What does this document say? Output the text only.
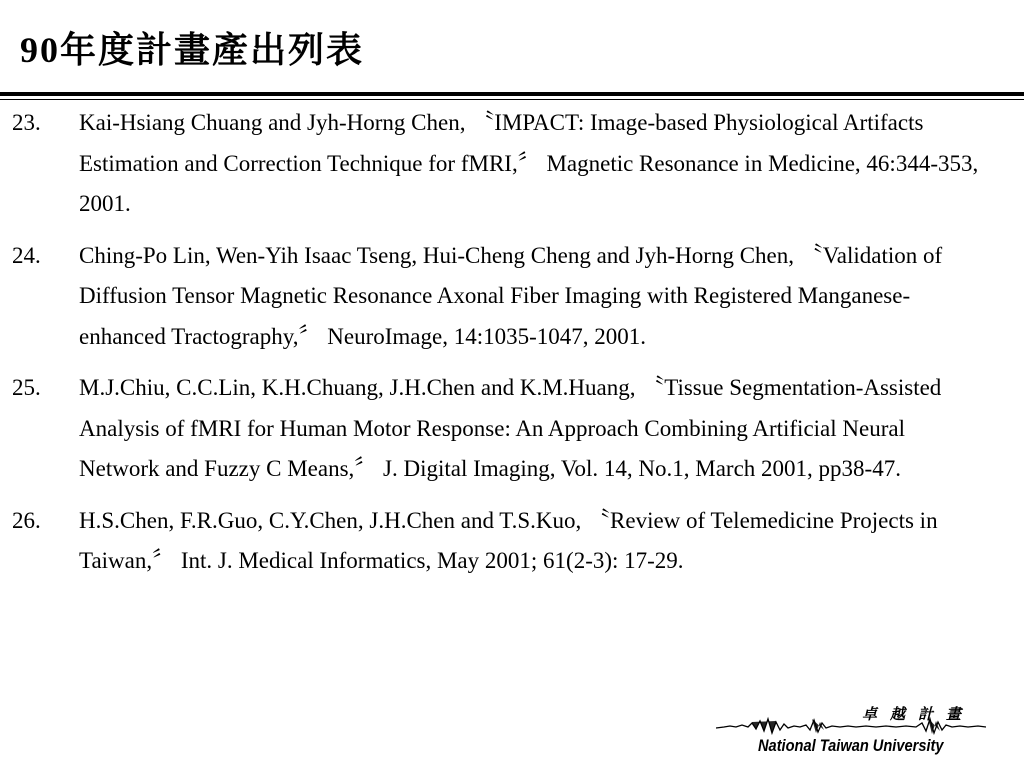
90年度計畫產出列表
23. Kai-Hsiang Chuang and Jyh-Horng Chen, 〝IMPACT: Image-based Physiological Artifacts Estimation and Correction Technique for fMRI,〞 Magnetic Resonance in Medicine, 46:344-353, 2001.
24. Ching-Po Lin, Wen-Yih Isaac Tseng, Hui-Cheng Cheng and Jyh-Horng Chen, 〝Validation of Diffusion Tensor Magnetic Resonance Axonal Fiber Imaging with Registered Manganese-enhanced Tractography,〞 NeuroImage, 14:1035-1047, 2001.
25. M.J.Chiu, C.C.Lin, K.H.Chuang, J.H.Chen and K.M.Huang, 〝Tissue Segmentation-Assisted Analysis of fMRI for Human Motor Response: An Approach Combining Artificial Neural Network and Fuzzy C Means,〞 J. Digital Imaging, Vol. 14, No.1, March 2001, pp38-47.
26. H.S.Chen, F.R.Guo, C.Y.Chen, J.H.Chen and T.S.Kuo, 〝Review of Telemedicine Projects in Taiwan,〞 Int. J. Medical Informatics, May 2001; 61(2-3): 17-29.
卓越計畫
National Taiwan University
